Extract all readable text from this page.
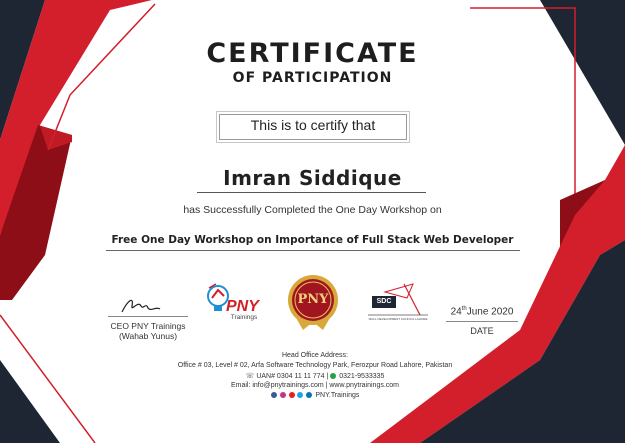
CERTIFICATE
OF PARTICIPATION
This is to certify that
Imran Siddique
has Successfully Completed the One Day Workshop on
Free One Day Workshop on Importance of Full Stack Web Developer
CEO PNY Trainings
(Wahab Yunus)
PNY
Trainings
PNY	SDC
SKILL DEVELOPMENT COUNCIL LAHORE
24thJune 2020
DATE
Head Office Address:
Office # 03, Level # 02, Arfa Software Technology Park, Ferozpur Road Lahore, Pakistan
☏ UAN# 0304 11 11 774 | 0321-9533335
Email: info@pnytrainings.com | www.pnytrainings.com
PNY.Trainings
